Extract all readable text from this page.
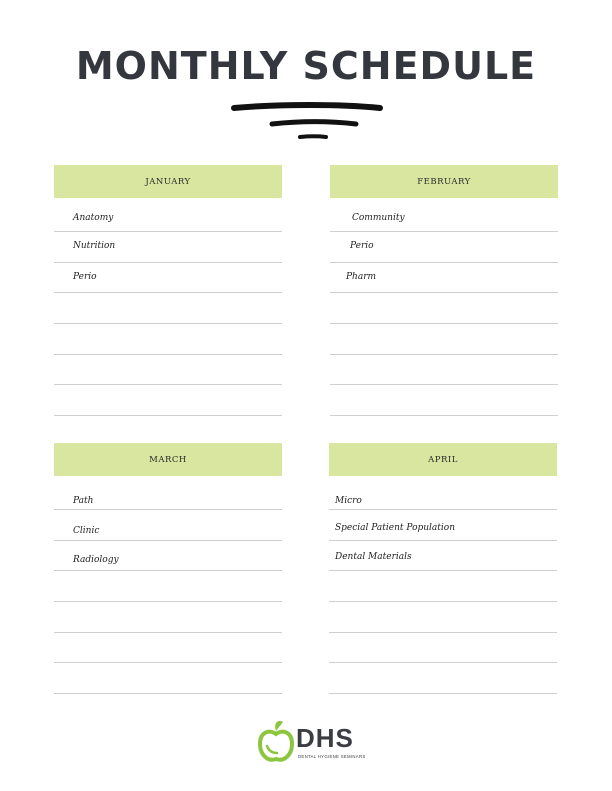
MONTHLY SCHEDULE
JANUARY
Anatomy
Nutrition
Perio
FEBRUARY
Community
Perio
Pharm
MARCH
Path
Clinic
Radiology
APRIL
Micro
Special Patient Population
Dental Materials
DHS
DENTAL HYGIENE SEMINARS
